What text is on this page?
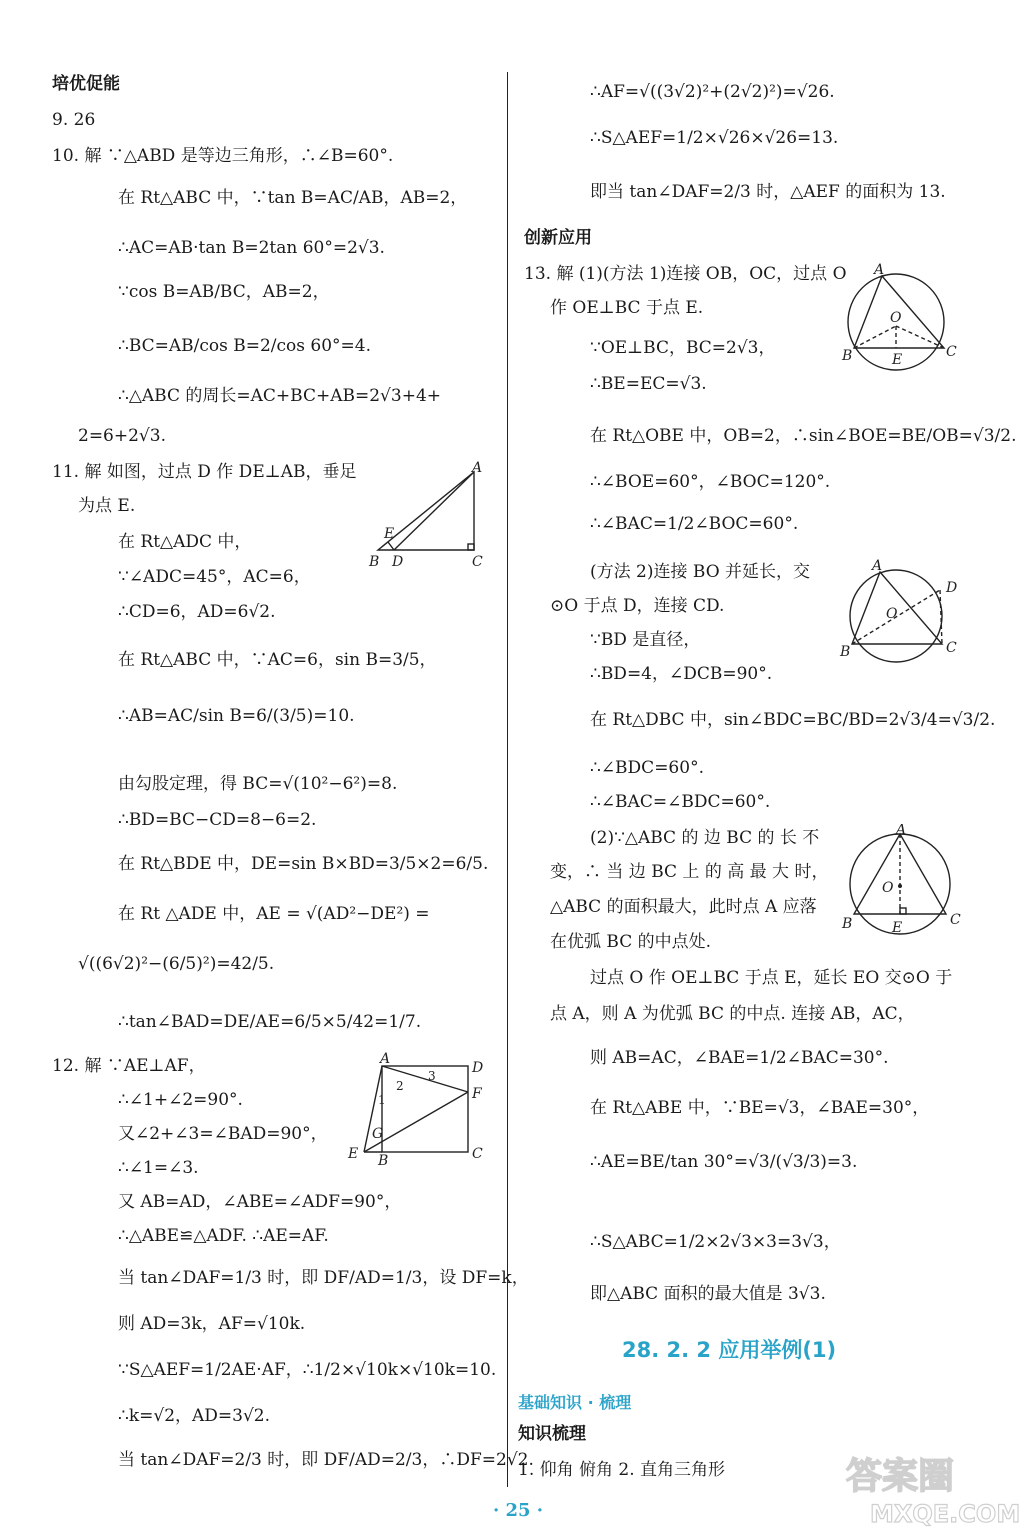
培优促能
9. 26
10. 解 ∵△ABD 是等边三角形，∴∠B=60°.
在 Rt△ABC 中，∵tan B=AC/AB，AB=2，
∴AC=AB·tan B=2tan 60°=2√3.
∵cos B=AB/BC，AB=2，
∴BC=AB/cos B=2/cos 60°=4.
∴△ABC 的周长=AC+BC+AB=2√3+4+
2=6+2√3.
11. 解 如图，过点 D 作 DE⊥AB，垂足
为点 E.
在 Rt△ADC 中，
∵∠ADC=45°，AC=6，
∴CD=6，AD=6√2.
在 Rt△ABC 中，∵AC=6，sin B=3/5，
∴AB=AC/sin B=6/(3/5)=10.
由勾股定理，得 BC=√(10²−6²)=8.
∴BD=BC−CD=8−6=2.
在 Rt△BDE 中，DE=sin B×BD=3/5×2=6/5.
在 Rt △ADE 中，AE = √(AD²−DE²) =
√((6√2)²−(6/5)²)=42/5.
∴tan∠BAD=DE/AE=6/5×5/42=1/7.
12. 解 ∵AE⊥AF，
∴∠1+∠2=90°.
又∠2+∠3=∠BAD=90°，
∴∠1=∠3.
又 AB=AD，∠ABE=∠ADF=90°，
∴△ABE≌△ADF. ∴AE=AF.
当 tan∠DAF=1/3 时，即 DF/AD=1/3，设 DF=k，
则 AD=3k，AF=√10k.
∵S△AEF=1/2AE·AF，∴1/2×√10k×√10k=10.
∴k=√2，AD=3√2.
当 tan∠DAF=2/3 时，即 DF/AD=2/3，∴DF=2√2.
A
E
B D	C
A
D
F
G
E B	C
1
2
3
∴AF=√((3√2)²+(2√2)²)=√26.
∴S△AEF=1/2×√26×√26=13.
即当 tan∠DAF=2/3 时，△AEF 的面积为 13.
创新应用
13. 解 (1)(方法 1)连接 OB，OC，过点 O
作 OE⊥BC 于点 E.
∵OE⊥BC，BC=2√3，
∴BE=EC=√3.
在 Rt△OBE 中，OB=2，∴sin∠BOE=BE/OB=√3/2.
∴∠BOE=60°，∠BOC=120°.
∴∠BAC=1/2∠BOC=60°.
(方法 2)连接 BO 并延长，交
⊙O 于点 D，连接 CD.
∵BD 是直径，
∴BD=4，∠DCB=90°.
在 Rt△DBC 中，sin∠BDC=BC/BD=2√3/4=√3/2.
∴∠BDC=60°.
∴∠BAC=∠BDC=60°.
(2)∵△ABC 的 边 BC 的 长 不
变，∴ 当 边 BC 上 的 高 最 大 时，
△ABC 的面积最大，此时点 A 应落
在优弧 BC 的中点处.
过点 O 作 OE⊥BC 于点 E，延长 EO 交⊙O 于
点 A，则 A 为优弧 BC 的中点. 连接 AB，AC，
则 AB=AC，∠BAE=1/2∠BAC=30°.
在 Rt△ABE 中，∵BE=√3，∠BAE=30°，
∴AE=BE/tan 30°=√3/(√3/3)=3.
∴S△ABC=1/2×2√3×3=3√3，
即△ABC 面积的最大值是 3√3.
28. 2. 2 应用举例(1)
基础知识 · 梳理
知识梳理
1. 仰角 俯角 2. 直角三角形
A
O
B	E	C
A
D
O
B	C
A
O
B	E	C
· 25 ·
答案圈
MXQE.COM
